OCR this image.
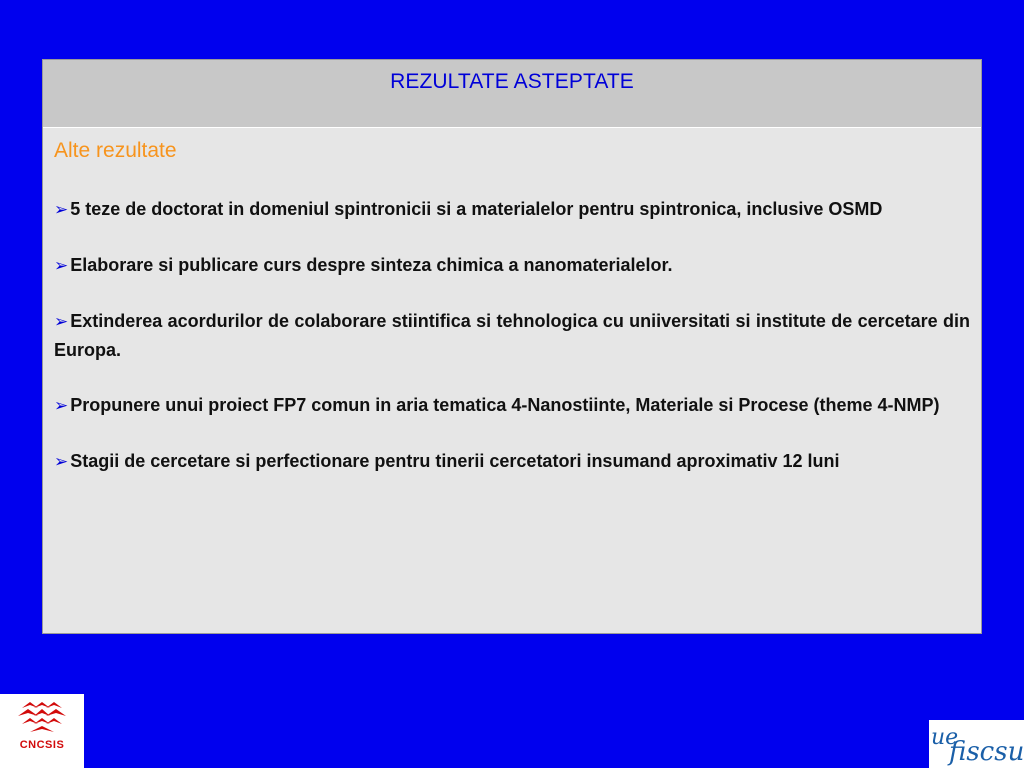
REZULTATE ASTEPTATE
Alte rezultate
➢ 5 teze de doctorat in domeniul spintronicii si a materialelor pentru spintronica, inclusive OSMD
➢ Elaborare si publicare curs despre sinteza chimica a nanomaterialelor.
➢ Extinderea acordurilor de colaborare stiintifica si tehnologica cu uniiversitati si institute de cercetare din Europa.
➢ Propunere unui proiect FP7 comun in aria tematica 4-Nanostiinte, Materiale si Procese (theme 4-NMP)
➢ Stagii de cercetare si perfectionare pentru tinerii cercetatori insumand aproximativ 12 luni
CNCSIS	ue
fiscsu
